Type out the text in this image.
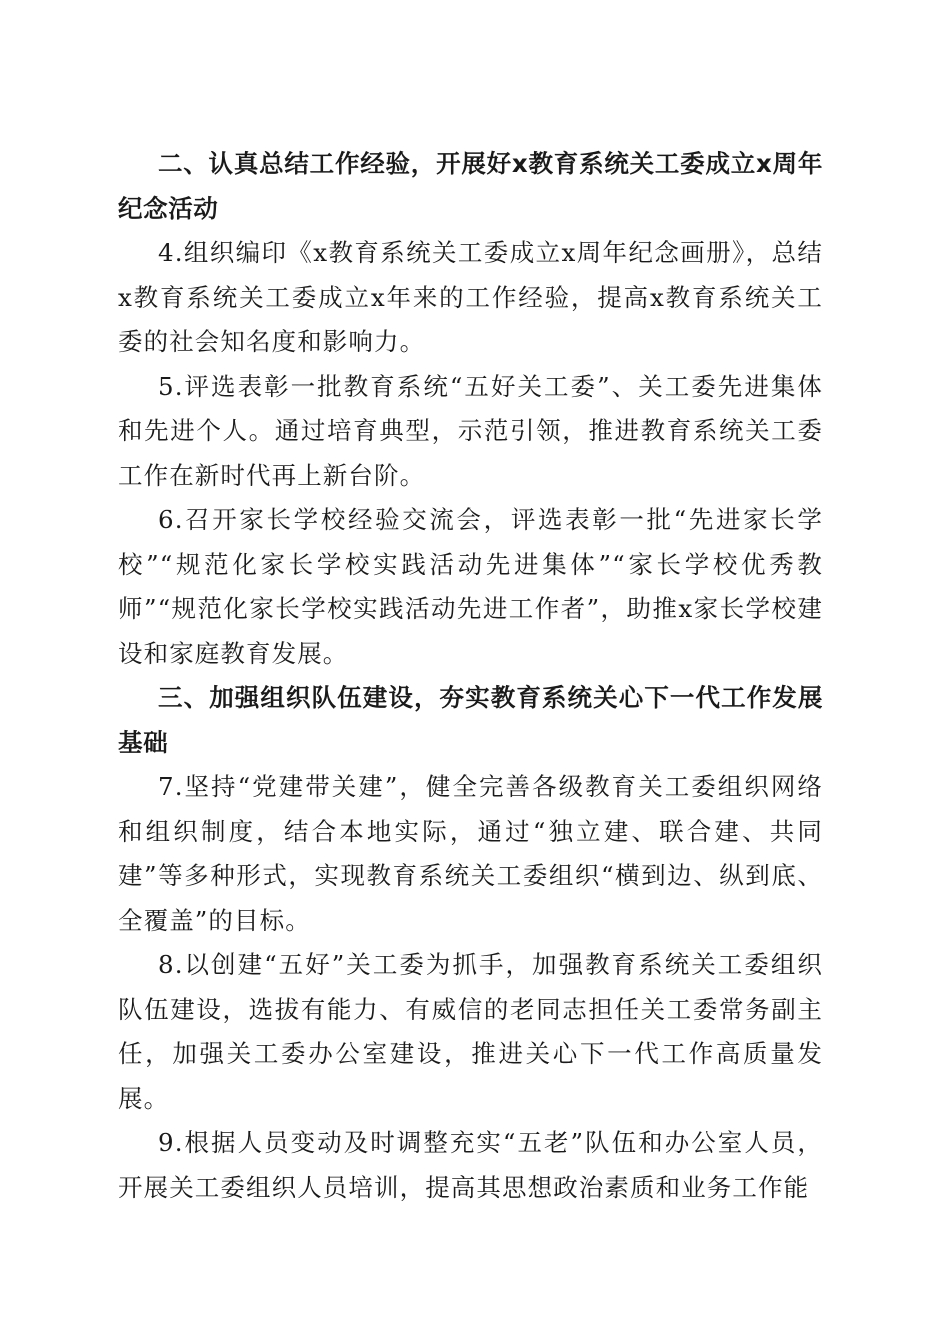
二、认真总结工作经验，开展好x教育系统关工委成立x周年纪念活动

4.组织编印《x教育系统关工委成立x周年纪念画册》，总结x教育系统关工委成立x年来的工作经验，提高x教育系统关工委的社会知名度和影响力。

5.评选表彰一批教育系统“五好关工委”、关工委先进集体和先进个人。通过培育典型，示范引领，推进教育系统关工委工作在新时代再上新台阶。

6.召开家长学校经验交流会，评选表彰一批“先进家长学校”“规范化家长学校实践活动先进集体”“家长学校优秀教师”“规范化家长学校实践活动先进工作者”，助推x家长学校建设和家庭教育发展。

三、加强组织队伍建设，夯实教育系统关心下一代工作发展基础

7.坚持“党建带关建”，健全完善各级教育关工委组织网络和组织制度，结合本地实际，通过“独立建、联合建、共同建”等多种形式，实现教育系统关工委组织“横到边、纵到底、全覆盖”的目标。

8.以创建“五好”关工委为抓手，加强教育系统关工委组织队伍建设，选拔有能力、有威信的老同志担任关工委常务副主任，加强关工委办公室建设，推进关心下一代工作高质量发展。

9.根据人员变动及时调整充实“五老”队伍和办公室人员，开展关工委组织人员培训，提高其思想政治素质和业务工作能
